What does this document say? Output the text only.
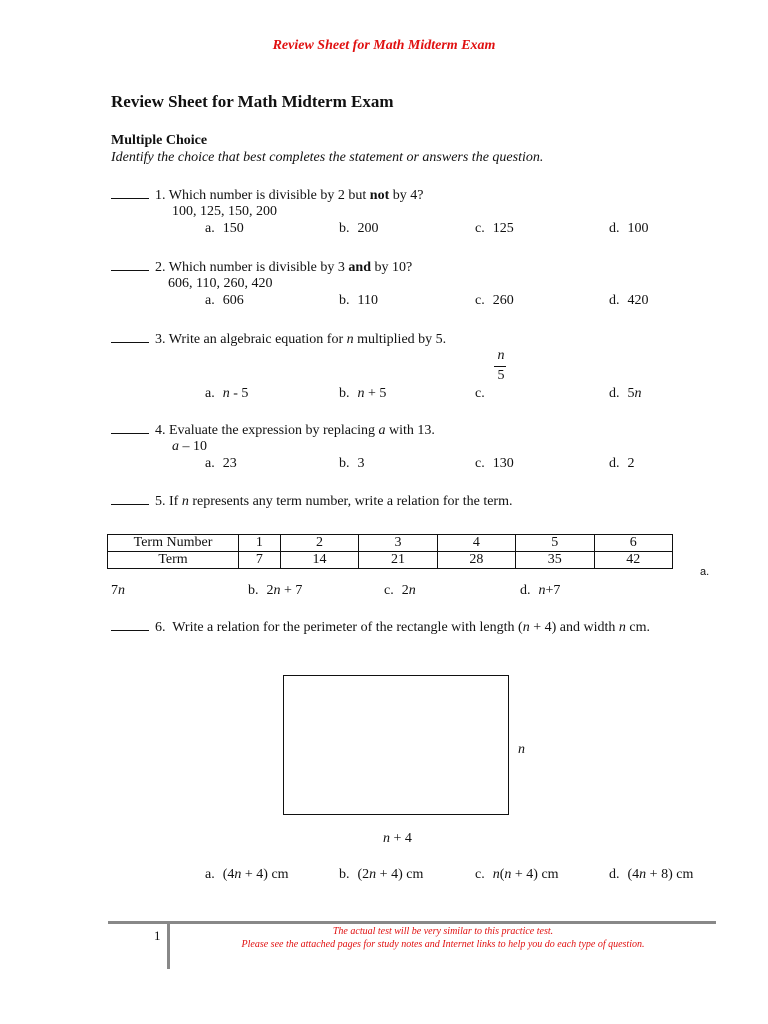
Review Sheet for Math Midterm Exam
Review Sheet for Math Midterm Exam
Multiple Choice
Identify the choice that best completes the statement or answers the question.
1. Which number is divisible by 2 but not by 4?
100, 125, 150, 200
a. 150	b. 200	c. 125	d. 100
2. Which number is divisible by 3 and by 10?
606, 110, 260, 420
a. 606	b. 110	c. 260	d. 420
3. Write an algebraic equation for n multiplied by 5.
n
5
a. n - 5	b. n + 5	c.	d. 5n
4. Evaluate the expression by replacing a with 13.
a – 10
a. 23	b. 3	c. 130	d. 2
5. If n represents any term number, write a relation for the term.
Term Number	1	2	3	4	5	6
Term	7	14	21	28	35	42
a.
7n	b. 2n + 7	c. 2n	d. n+7
6. Write a relation for the perimeter of the rectangle with length (n + 4) and width n cm.
n
n + 4
a. (4n + 4) cm	b. (2n + 4) cm	c. n(n + 4) cm	d. (4n + 8) cm
1	The actual test will be very similar to this practice test.
Please see the attached pages for study notes and Internet links to help you do each type of question.
